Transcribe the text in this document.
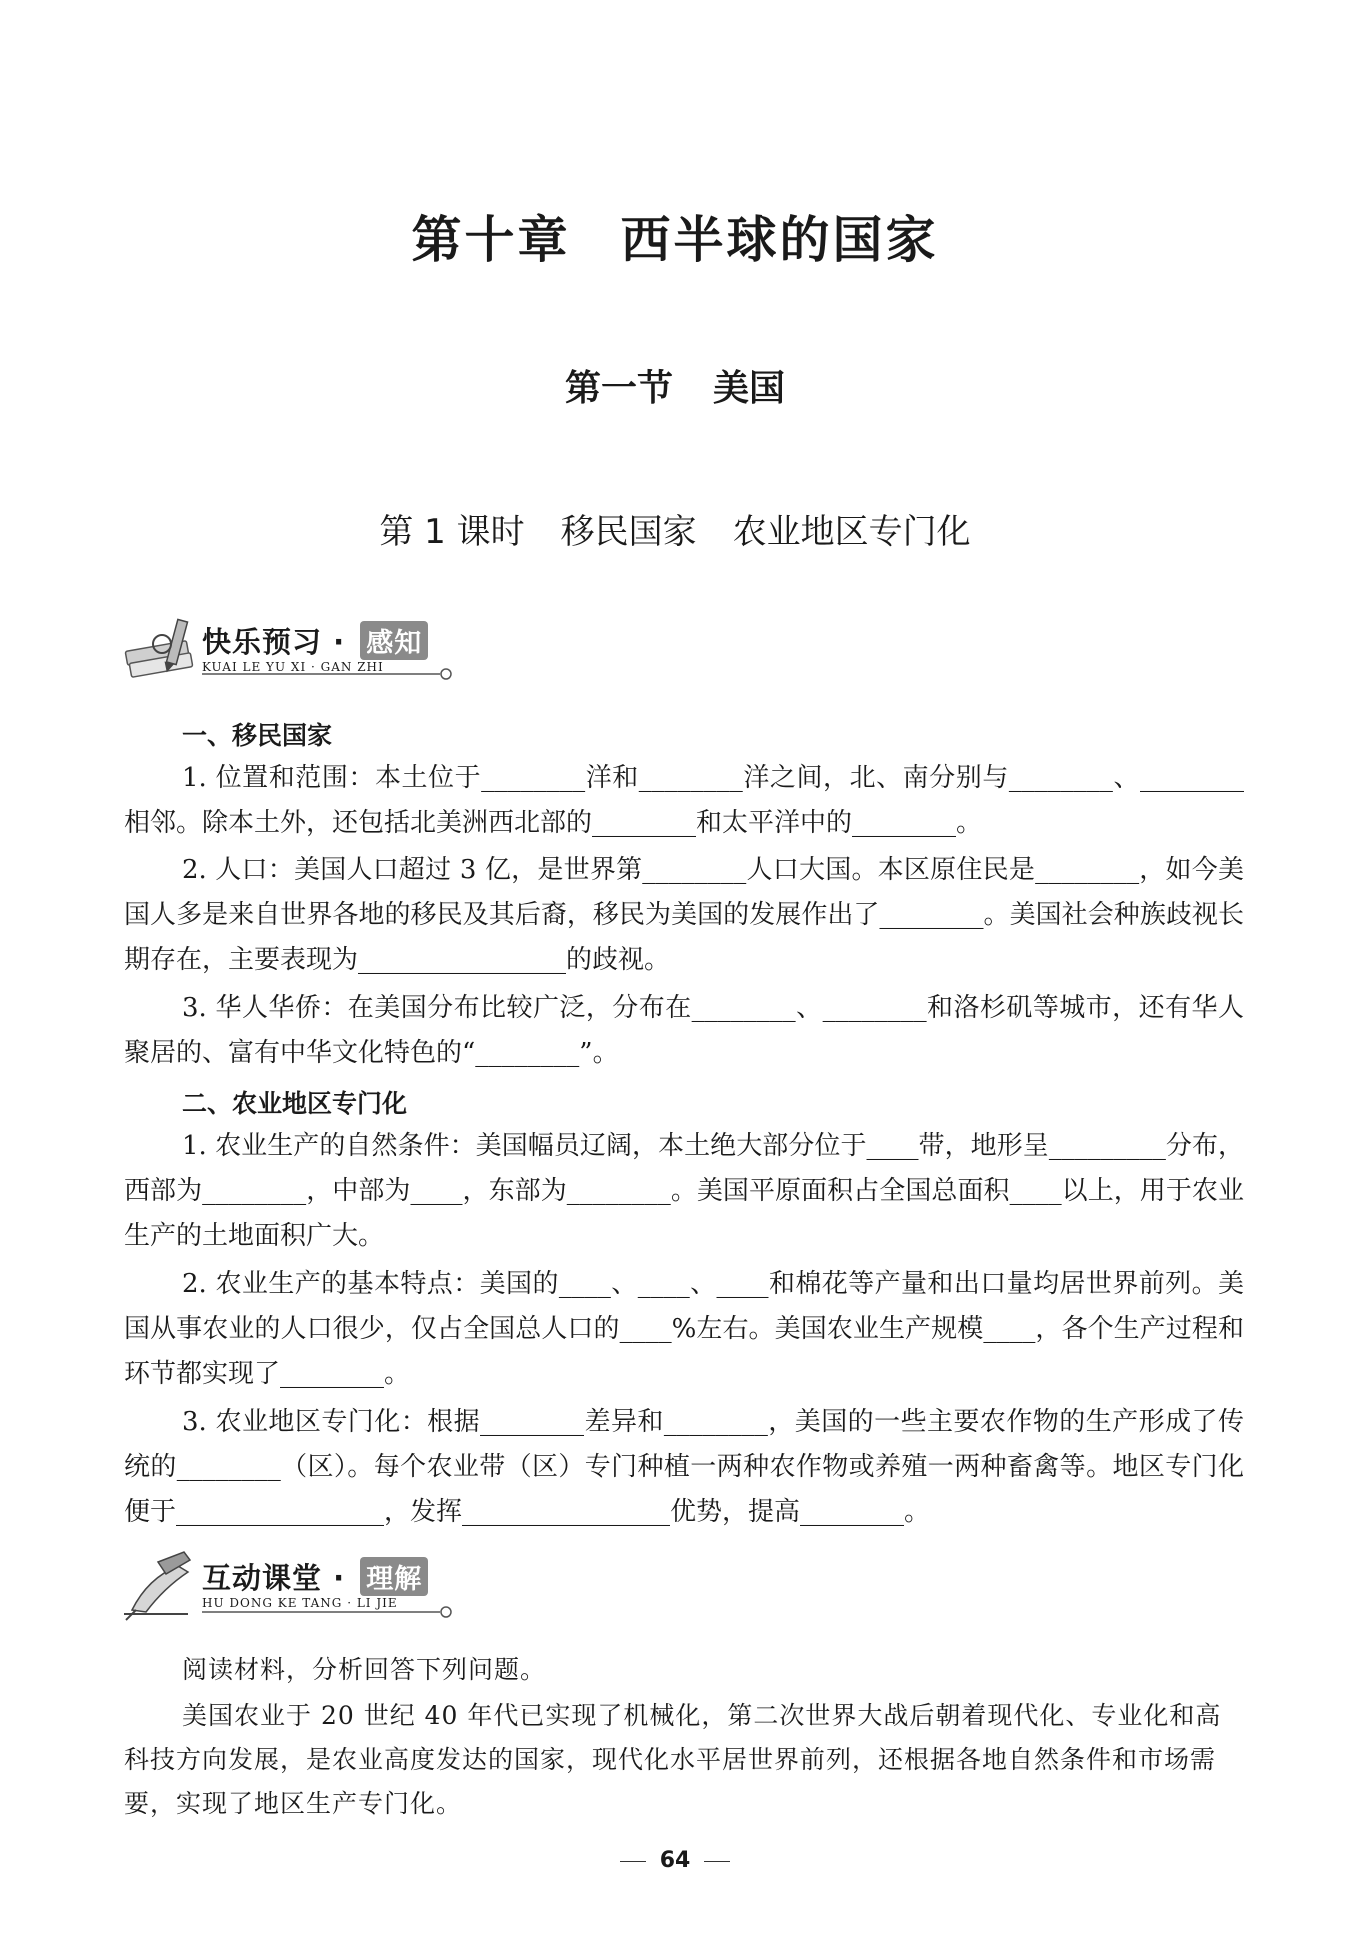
第十章 西半球的国家
第一节 美国
第 1 课时 移民国家 农业地区专门化
快乐预习 · 感知
KUAI LE YU XI · GAN ZHI
一、移民国家
1. 位置和范围：本土位于________洋和________洋之间，北、南分别与________、________相邻。除本土外，还包括北美洲西北部的________和太平洋中的________。
2. 人口：美国人口超过 3 亿，是世界第________人口大国。本区原住民是________，如今美国人多是来自世界各地的移民及其后裔，移民为美国的发展作出了________。美国社会种族歧视长期存在，主要表现为________________的歧视。
3. 华人华侨：在美国分布比较广泛，分布在________、________和洛杉矶等城市，还有华人聚居的、富有中华文化特色的“________”。
二、农业地区专门化
1. 农业生产的自然条件：美国幅员辽阔，本土绝大部分位于____带，地形呈_________分布，西部为________，中部为____，东部为________。美国平原面积占全国总面积____以上，用于农业生产的土地面积广大。
2. 农业生产的基本特点：美国的____、____、____和棉花等产量和出口量均居世界前列。美国从事农业的人口很少，仅占全国总人口的____%左右。美国农业生产规模____，各个生产过程和环节都实现了________。
3. 农业地区专门化：根据________差异和________，美国的一些主要农作物的生产形成了传统的________（区）。每个农业带（区）专门种植一两种农作物或养殖一两种畜禽等。地区专门化便于________________，发挥________________优势，提高________。
互动课堂 · 理解
HU DONG KE TANG · LI JIE
阅读材料，分析回答下列问题。
美国农业于 20 世纪 40 年代已实现了机械化，第二次世界大战后朝着现代化、专业化和高科技方向发展，是农业高度发达的国家，现代化水平居世界前列，还根据各地自然条件和市场需要，实现了地区生产专门化。
64
